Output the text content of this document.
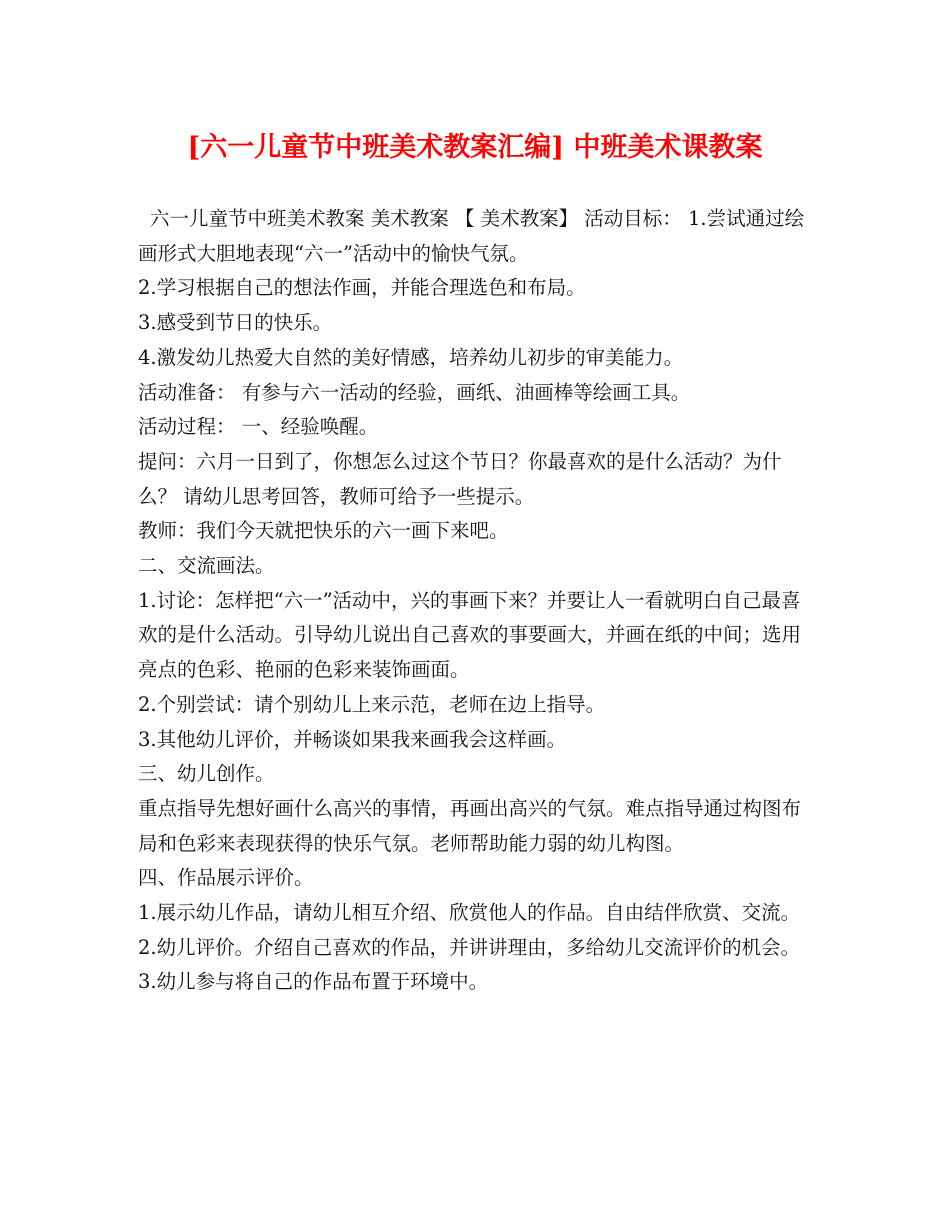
[六一儿童节中班美术教案汇编] 中班美术课教案

六一儿童节中班美术教案 美术教案 【 美术教案】 活动目标： 1.尝试通过绘画形式大胆地表现“六一”活动中的愉快气氛。

2.学习根据自己的想法作画，并能合理选色和布局。

3.感受到节日的快乐。

4.激发幼儿热爱大自然的美好情感，培养幼儿初步的审美能力。

活动准备： 有参与六一活动的经验，画纸、油画棒等绘画工具。

活动过程： 一、经验唤醒。

提问：六月一日到了，你想怎么过这个节日？你最喜欢的是什么活动？为什么？ 请幼儿思考回答，教师可给予一些提示。

教师：我们今天就把快乐的六一画下来吧。

二、交流画法。

1.讨论：怎样把“六一”活动中，兴的事画下来？并要让人一看就明白自己最喜欢的是什么活动。引导幼儿说出自己喜欢的事要画大，并画在纸的中间；选用亮点的色彩、艳丽的色彩来装饰画面。

2.个别尝试：请个别幼儿上来示范，老师在边上指导。

3.其他幼儿评价，并畅谈如果我来画我会这样画。

三、幼儿创作。

重点指导先想好画什么高兴的事情，再画出高兴的气氛。难点指导通过构图布局和色彩来表现获得的快乐气氛。老师帮助能力弱的幼儿构图。

四、作品展示评价。

1.展示幼儿作品，请幼儿相互介绍、欣赏他人的作品。自由结伴欣赏、交流。

2.幼儿评价。介绍自己喜欢的作品，并讲讲理由，多给幼儿交流评价的机会。

3.幼儿参与将自己的作品布置于环境中。
